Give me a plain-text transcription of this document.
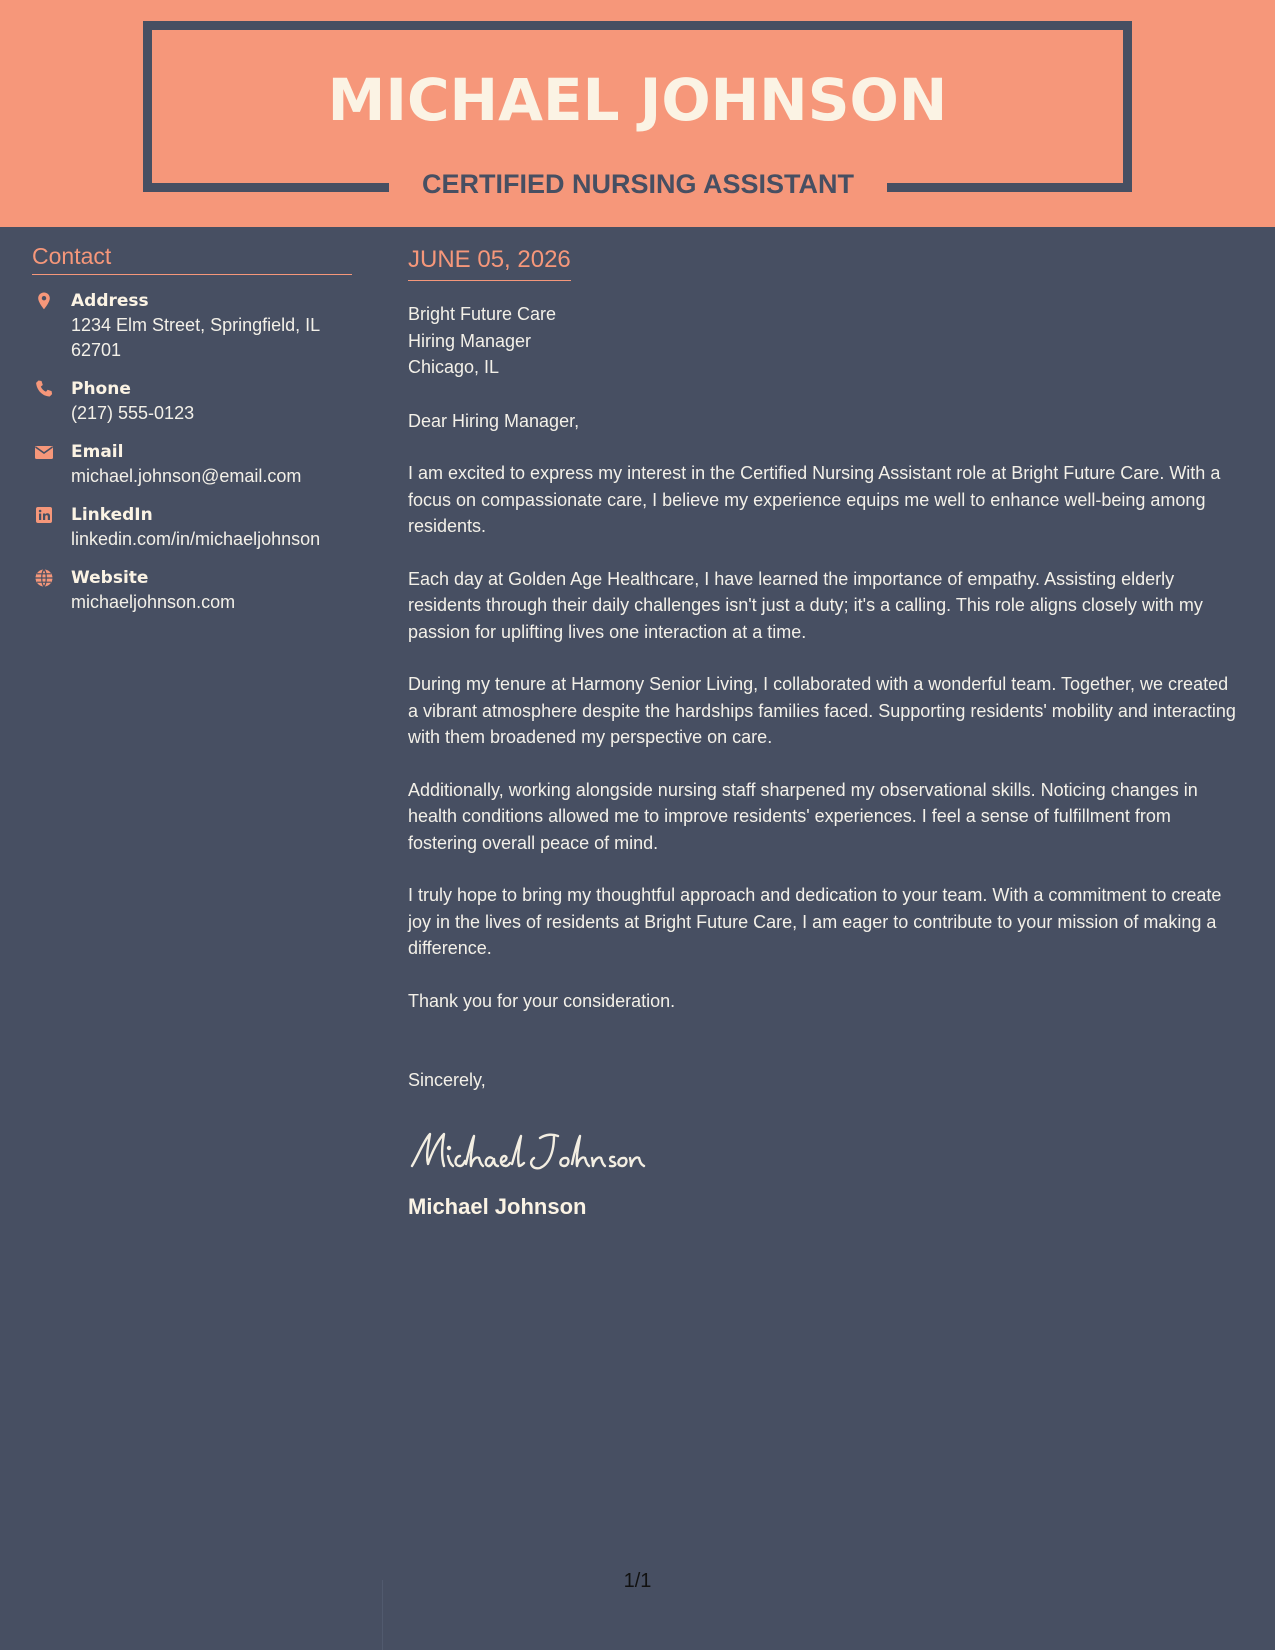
MICHAEL JOHNSON
CERTIFIED NURSING ASSISTANT
Contact
Address
1234 Elm Street, Springfield, IL 62701
Phone
(217) 555-0123
Email
michael.johnson@email.com
LinkedIn
linkedin.com/in/michaeljohnson
Website
michaeljohnson.com
JUNE 05, 2026
Bright Future Care
Hiring Manager
Chicago, IL
Dear Hiring Manager,

I am excited to express my interest in the Certified Nursing Assistant role at Bright Future Care. With a focus on compassionate care, I believe my experience equips me well to enhance well-being among residents.

Each day at Golden Age Healthcare, I have learned the importance of empathy. Assisting elderly residents through their daily challenges isn't just a duty; it's a calling. This role aligns closely with my passion for uplifting lives one interaction at a time.

During my tenure at Harmony Senior Living, I collaborated with a wonderful team. Together, we created a vibrant atmosphere despite the hardships families faced. Supporting residents' mobility and interacting with them broadened my perspective on care.

Additionally, working alongside nursing staff sharpened my observational skills. Noticing changes in health conditions allowed me to improve residents' experiences. I feel a sense of fulfillment from fostering overall peace of mind.

I truly hope to bring my thoughtful approach and dedication to your team. With a commitment to create joy in the lives of residents at Bright Future Care, I am eager to contribute to your mission of making a difference.

Thank you for your consideration.

Sincerely,
Michael Johnson
1/1
